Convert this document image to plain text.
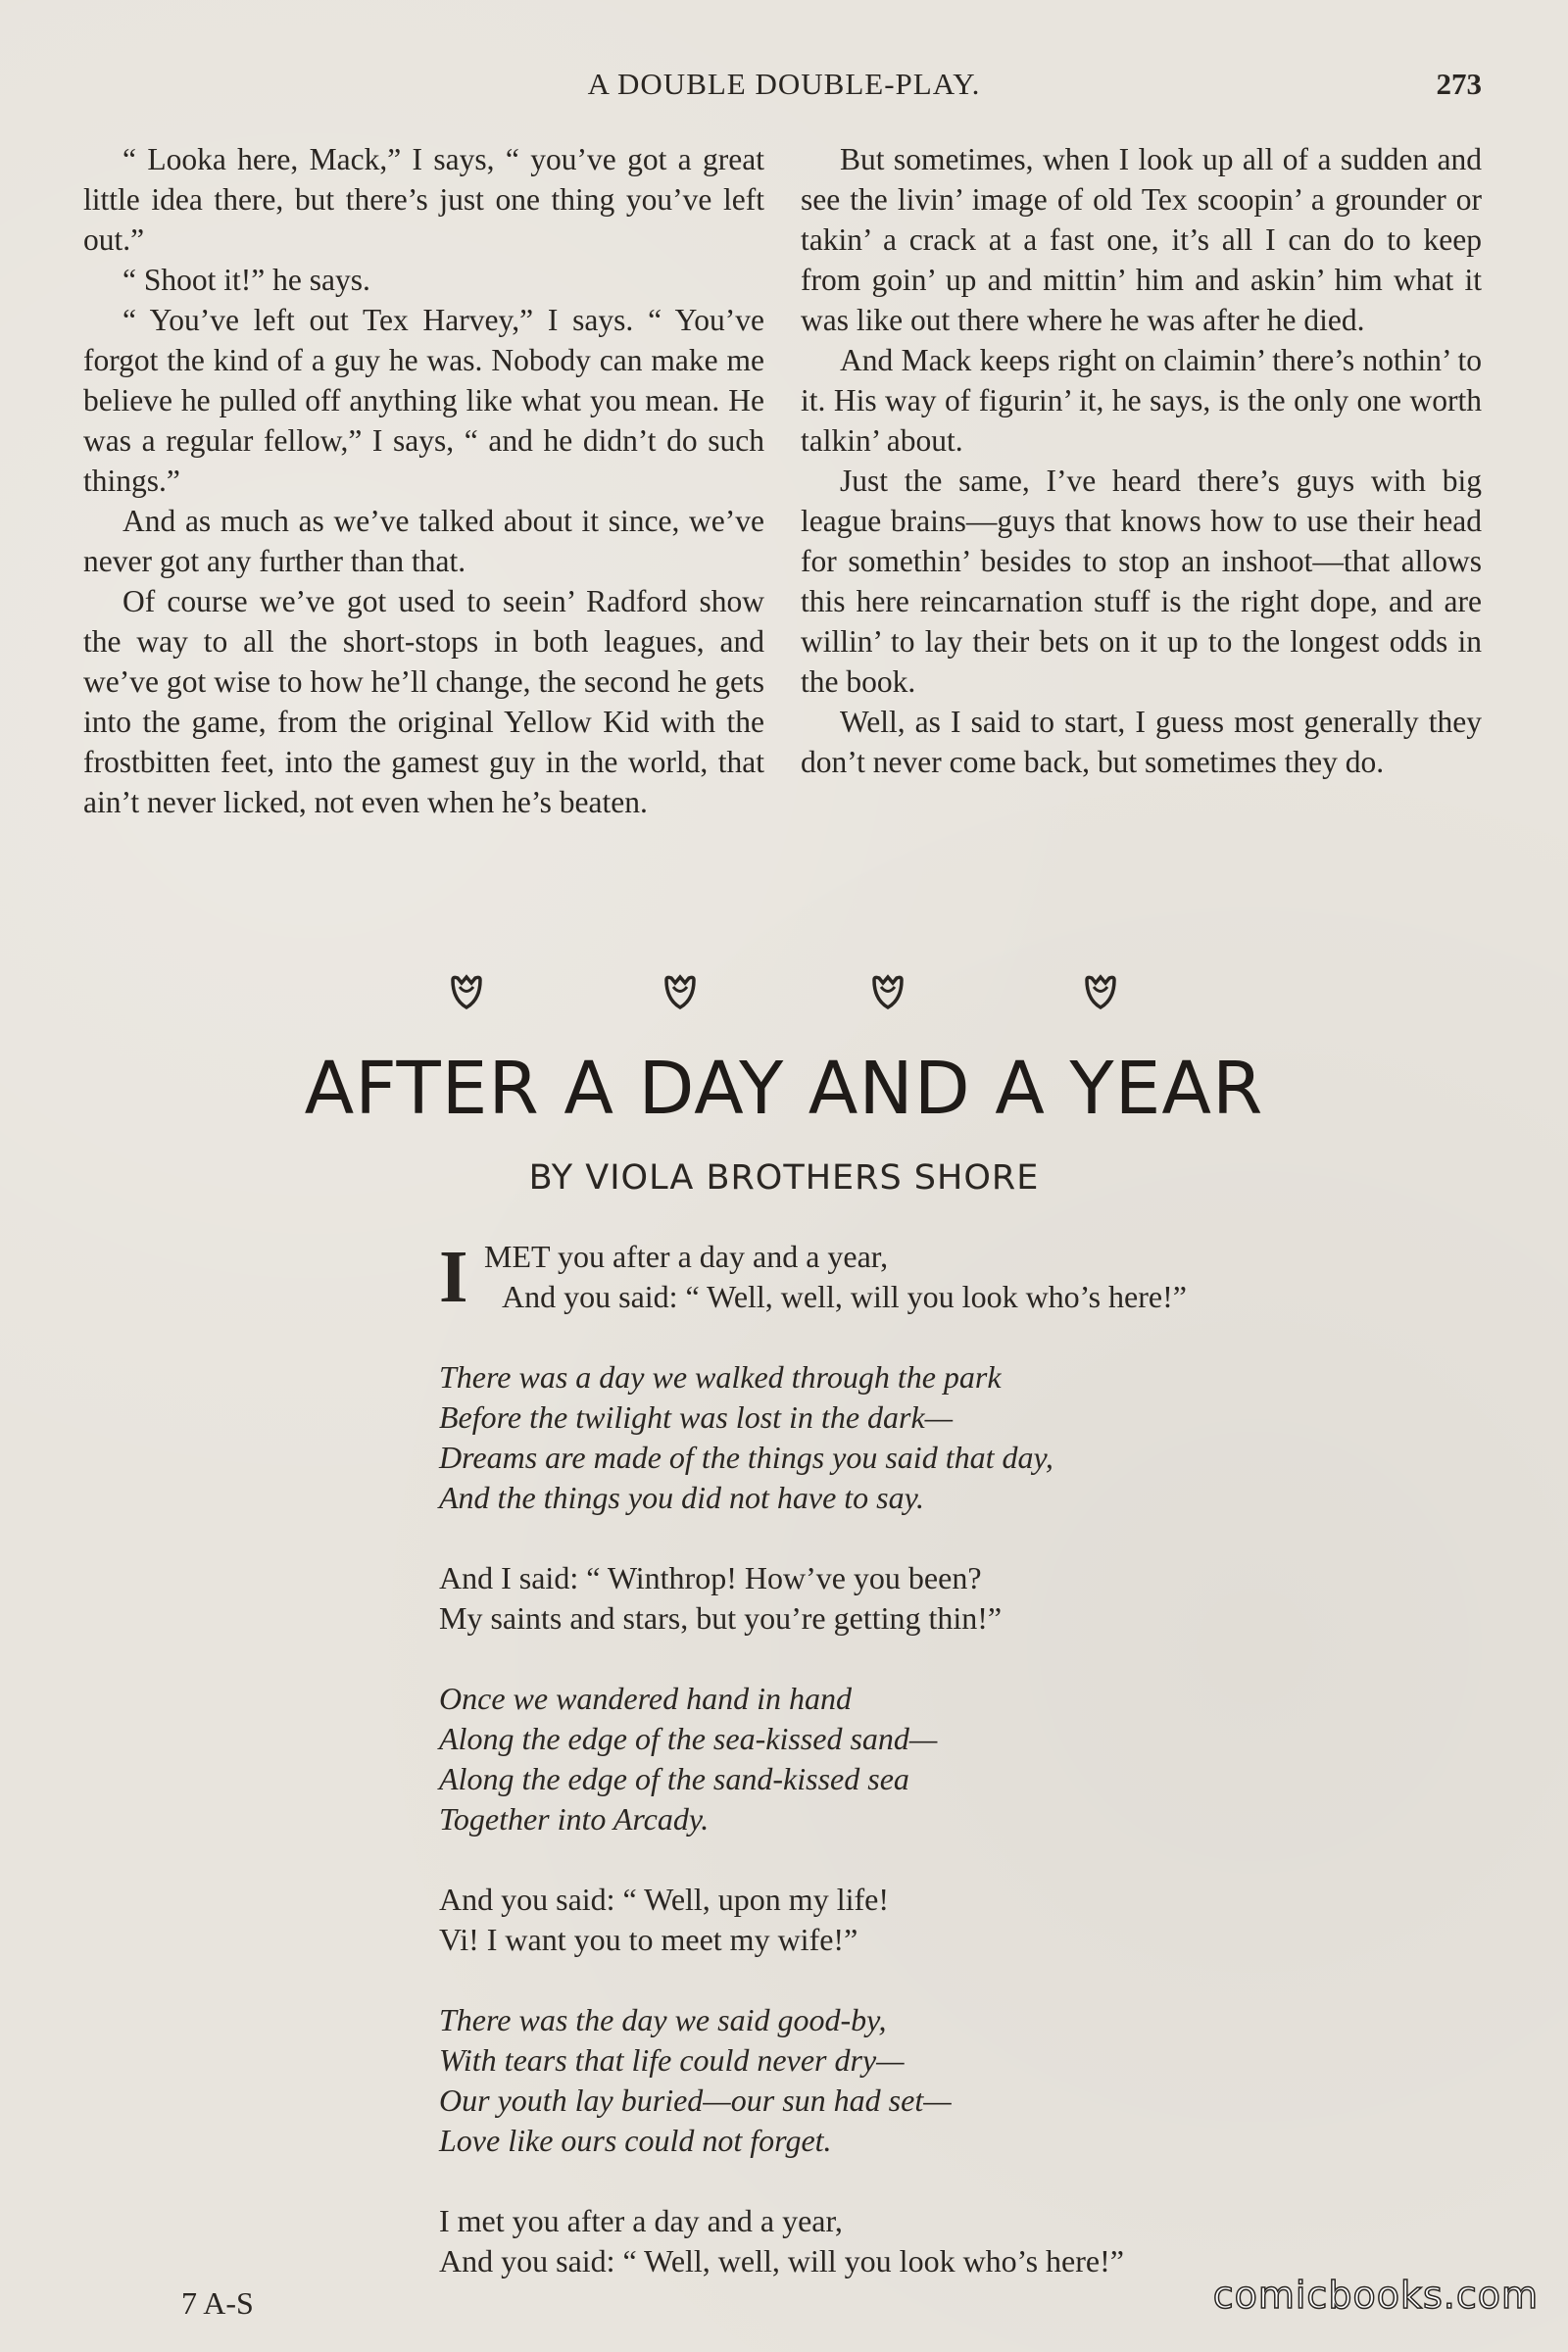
A DOUBLE DOUBLE-PLAY.	273

“ Looka here, Mack,” I says, “ you’ve got a great little idea there, but there’s just one thing you’ve left out.”

“ Shoot it!” he says.

“ You’ve left out Tex Harvey,” I says. “ You’ve forgot the kind of a guy he was. Nobody can make me believe he pulled off anything like what you mean. He was a regular fellow,” I says, “ and he didn’t do such things.”

And as much as we’ve talked about it since, we’ve never got any further than that.

Of course we’ve got used to seein’ Radford show the way to all the short-stops in both leagues, and we’ve got wise to how he’ll change, the second he gets into the game, from the original Yellow Kid with the frostbitten feet, into the gamest guy in the world, that ain’t never licked, not even when he’s beaten.

But sometimes, when I look up all of a sudden and see the livin’ image of old Tex scoopin’ a grounder or takin’ a crack at a fast one, it’s all I can do to keep from goin’ up and mittin’ him and askin’ him what it was like out there where he was after he died.

And Mack keeps right on claimin’ there’s nothin’ to it. His way of figurin’ it, he says, is the only one worth talkin’ about.

Just the same, I’ve heard there’s guys with big league brains—guys that knows how to use their head for somethin’ besides to stop an inshoot—that allows this here reincarnation stuff is the right dope, and are willin’ to lay their bets on it up to the longest odds in the book.

Well, as I said to start, I guess most generally they don’t never come back, but sometimes they do.

AFTER A DAY AND A YEAR
BY VIOLA BROTHERS SHORE
I MET you after a day and a year,
And you said: “ Well, well, will you look who’s here!”
There was a day we walked through the park
Before the twilight was lost in the dark—
Dreams are made of the things you said that day,
And the things you did not have to say.
And I said: “ Winthrop! How’ve you been?
My saints and stars, but you’re getting thin!”
Once we wandered hand in hand
Along the edge of the sea-kissed sand—
Along the edge of the sand-kissed sea
Together into Arcady.
And you said: “ Well, upon my life!
Vi! I want you to meet my wife!”
There was the day we said good-by,
With tears that life could never dry—
Our youth lay buried—our sun had set—
Love like ours could not forget.
I met you after a day and a year,
And you said: “ Well, well, will you look who’s here!”
7 A-S	comicbooks.com
